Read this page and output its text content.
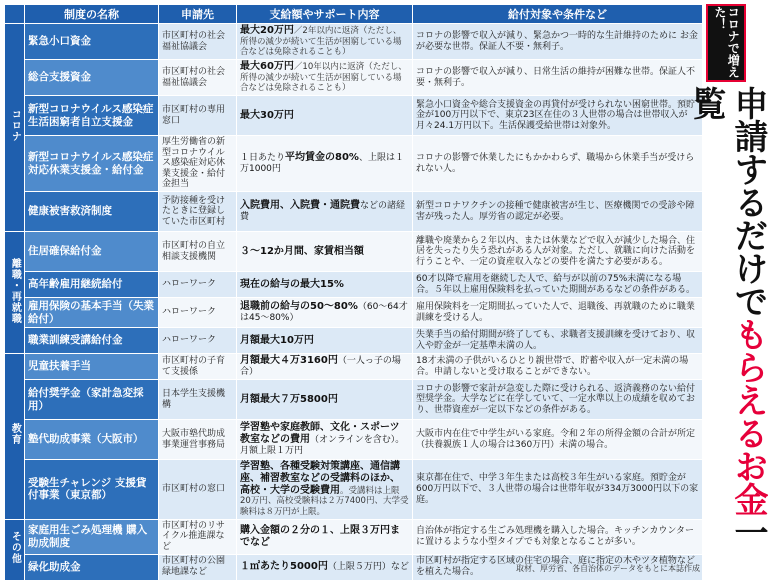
	制度の名称	申請先	支給額やサポート内容	給付対象や条件など
コロナ	緊急小口資金	市区町村の社会福祉協議会	最大20万円／2年以内に返済（ただし、所得の減少が続いて生活が困窮している場合などは免除されることも）	コロナの影響で収入が減り、緊急かつ一時的な生計維持のために お金が必要な世帯。保証人不要・無利子。
	総合支援資金	市区町村の社会福祉協議会	最大60万円／10年以内に返済（ただし、所得の減少が続いて生活が困窮している場合などは免除されることも）	コロナの影響で収入が減り、日常生活の維持が困難な世帯。保証人不要・無利子。
	新型コロナウイルス感染症 生活困窮者自立支援金	市区町村の専用窓口	最大30万円	緊急小口資金や総合支援資金の再貸付が受けられない困窮世帯。預貯金が100万円以下で、東京23区在住の３人世帯の場合は世帯収入が月々24.1万円以下。生活保護受給世帯は対象外。
	新型コロナウイルス感染症 対応休業支援金・給付金	厚生労働省の新型コロナウイルス感染症対応休業支援金・給付金担当	１日あたり平均賃金の80%、上限は１万1000円	コロナの影響で休業したにもかかわらず、職場から休業手当が受けられない人。
	健康被害救済制度	予防接種を受けたときに登録していた市区町村	入院費用、入院費・通院費などの諸経費	新型コロナワクチンの接種で健康被害が生じ、医療機関での受診や障害が残った人。厚労省の認定が必要。
離職・再就職	住居確保給付金	市区町村の自立相談支援機関	３〜12か月間、家賃相当額	離職や廃業から２年以内、または休業などで収入が減少した場合、住居を失ったり失う恐れがある人が対象。ただし、就職に向けた活動を行うことや、一定の資産収入などの要件を満たす必要がある。
	高年齢雇用継続給付	ハローワーク	現在の給与の最大15%	60才以降で雇用を継続した人で、給与が以前の75%未満になる場合。５年以上雇用保険料を払っていた期間があるなどの条件がある。
	雇用保険の基本手当（失業給付）	ハローワーク	退職前の給与の50〜80%（60〜64才は45〜80%）	雇用保険料を一定期間払っていた人で、退職後、再就職のために職業訓練を受ける人。
	職業訓練受講給付金	ハローワーク	月額最大10万円	失業手当の給付期間が終了しても、求職者支援訓練を受けており、収入や貯金が一定基準未満の人。
教育	児童扶養手当	市区町村の子育て支援係	月額最大４万3160円（一人っ子の場合）	18才未満の子供がいるひとり親世帯で、貯蓄や収入が一定未満の場合。申請しないと受け取ることができない。
	給付奨学金（家計急変採用）	日本学生支援機構	月額最大７万5800円	コロナの影響で家計が急変した際に受けられる、返済義務のない給付型奨学金。大学などに在学していて、一定水準以上の成績を収めており、世帯資産が一定以下などの条件がある。
	塾代助成事業（大阪市）	大阪市塾代助成事業運営事務局	学習塾や家庭教師、文化・スポーツ教室などの費用（オンラインを含む）。月額上限１万円	大阪市内在住で中学生がいる家庭。令和２年の所得金額の合計が所定（扶養親族１人の場合は360万円）未満の場合。
	受験生チャレンジ 支援貸付事業（東京都）	市区町村の窓口	学習塾、各種受験対策講座、通信講座、補習教室などの受講料のほか、高校・大学の受験費用。受講料は上限20万円、高校受験料は２万7400円、大学受験料は８万円が上限。	東京都在住で、中学３年生または高校３年生がいる家庭。預貯金が600万円以下で、３人世帯の場合は世帯年収が334万3000円以下の家庭。
その他	家庭用生ごみ処理機 購入助成制度	市区町村のリサイクル推進課など	購入金額の２分の１、上限３万円までなど	自治体が指定する生ごみ処理機を購入した場合。キッチンカウンターに置けるような小型タイプでも対象となることが多い。
	緑化助成金	市区町村の公園緑地課など	１㎡あたり5000円（上限５万円）など	市区町村が指定する区域の住宅の場合、庭に指定の木やツタ植物などを植えた場合。
コロナで増えた！
申請するだけでもらえるお金一覧
取材、厚労省、各自治体のデータをもとに本誌作成
